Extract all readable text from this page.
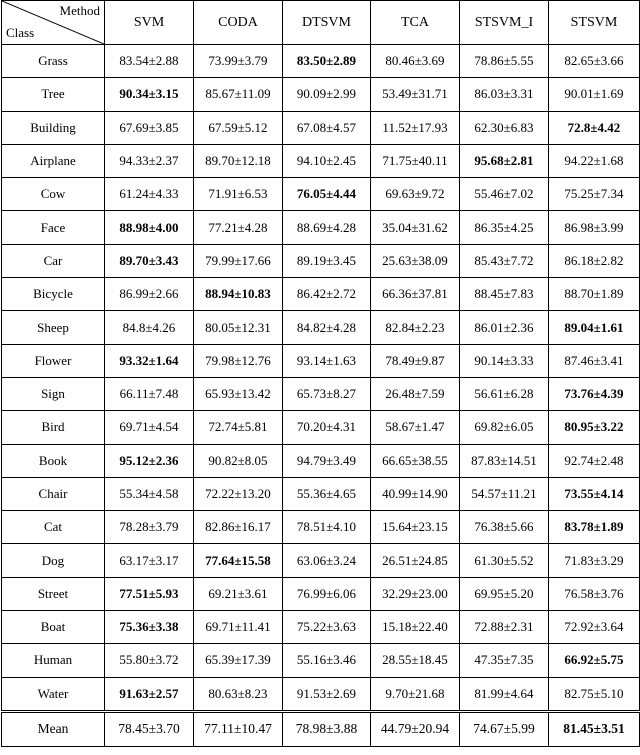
Method
Class	SVM	CODA	DTSVM	TCA	STSVM_I	STSVM
Grass	83.54±2.88	73.99±3.79	83.50±2.89	80.46±3.69	78.86±5.55	82.65±3.66
Tree	90.34±3.15	85.67±11.09	90.09±2.99	53.49±31.71	86.03±3.31	90.01±1.69
Building	67.69±3.85	67.59±5.12	67.08±4.57	11.52±17.93	62.30±6.83	72.8±4.42
Airplane	94.33±2.37	89.70±12.18	94.10±2.45	71.75±40.11	95.68±2.81	94.22±1.68
Cow	61.24±4.33	71.91±6.53	76.05±4.44	69.63±9.72	55.46±7.02	75.25±7.34
Face	88.98±4.00	77.21±4.28	88.69±4.28	35.04±31.62	86.35±4.25	86.98±3.99
Car	89.70±3.43	79.99±17.66	89.19±3.45	25.63±38.09	85.43±7.72	86.18±2.82
Bicycle	86.99±2.66	88.94±10.83	86.42±2.72	66.36±37.81	88.45±7.83	88.70±1.89
Sheep	84.8±4.26	80.05±12.31	84.82±4.28	82.84±2.23	86.01±2.36	89.04±1.61
Flower	93.32±1.64	79.98±12.76	93.14±1.63	78.49±9.87	90.14±3.33	87.46±3.41
Sign	66.11±7.48	65.93±13.42	65.73±8.27	26.48±7.59	56.61±6.28	73.76±4.39
Bird	69.71±4.54	72.74±5.81	70.20±4.31	58.67±1.47	69.82±6.05	80.95±3.22
Book	95.12±2.36	90.82±8.05	94.79±3.49	66.65±38.55	87.83±14.51	92.74±2.48
Chair	55.34±4.58	72.22±13.20	55.36±4.65	40.99±14.90	54.57±11.21	73.55±4.14
Cat	78.28±3.79	82.86±16.17	78.51±4.10	15.64±23.15	76.38±5.66	83.78±1.89
Dog	63.17±3.17	77.64±15.58	63.06±3.24	26.51±24.85	61.30±5.52	71.83±3.29
Street	77.51±5.93	69.21±3.61	76.99±6.06	32.29±23.00	69.95±5.20	76.58±3.76
Boat	75.36±3.38	69.71±11.41	75.22±3.63	15.18±22.40	72.88±2.31	72.92±3.64
Human	55.80±3.72	65.39±17.39	55.16±3.46	28.55±18.45	47.35±7.35	66.92±5.75
Water	91.63±2.57	80.63±8.23	91.53±2.69	9.70±21.68	81.99±4.64	82.75±5.10
Mean	78.45±3.70	77.11±10.47	78.98±3.88	44.79±20.94	74.67±5.99	81.45±3.51
